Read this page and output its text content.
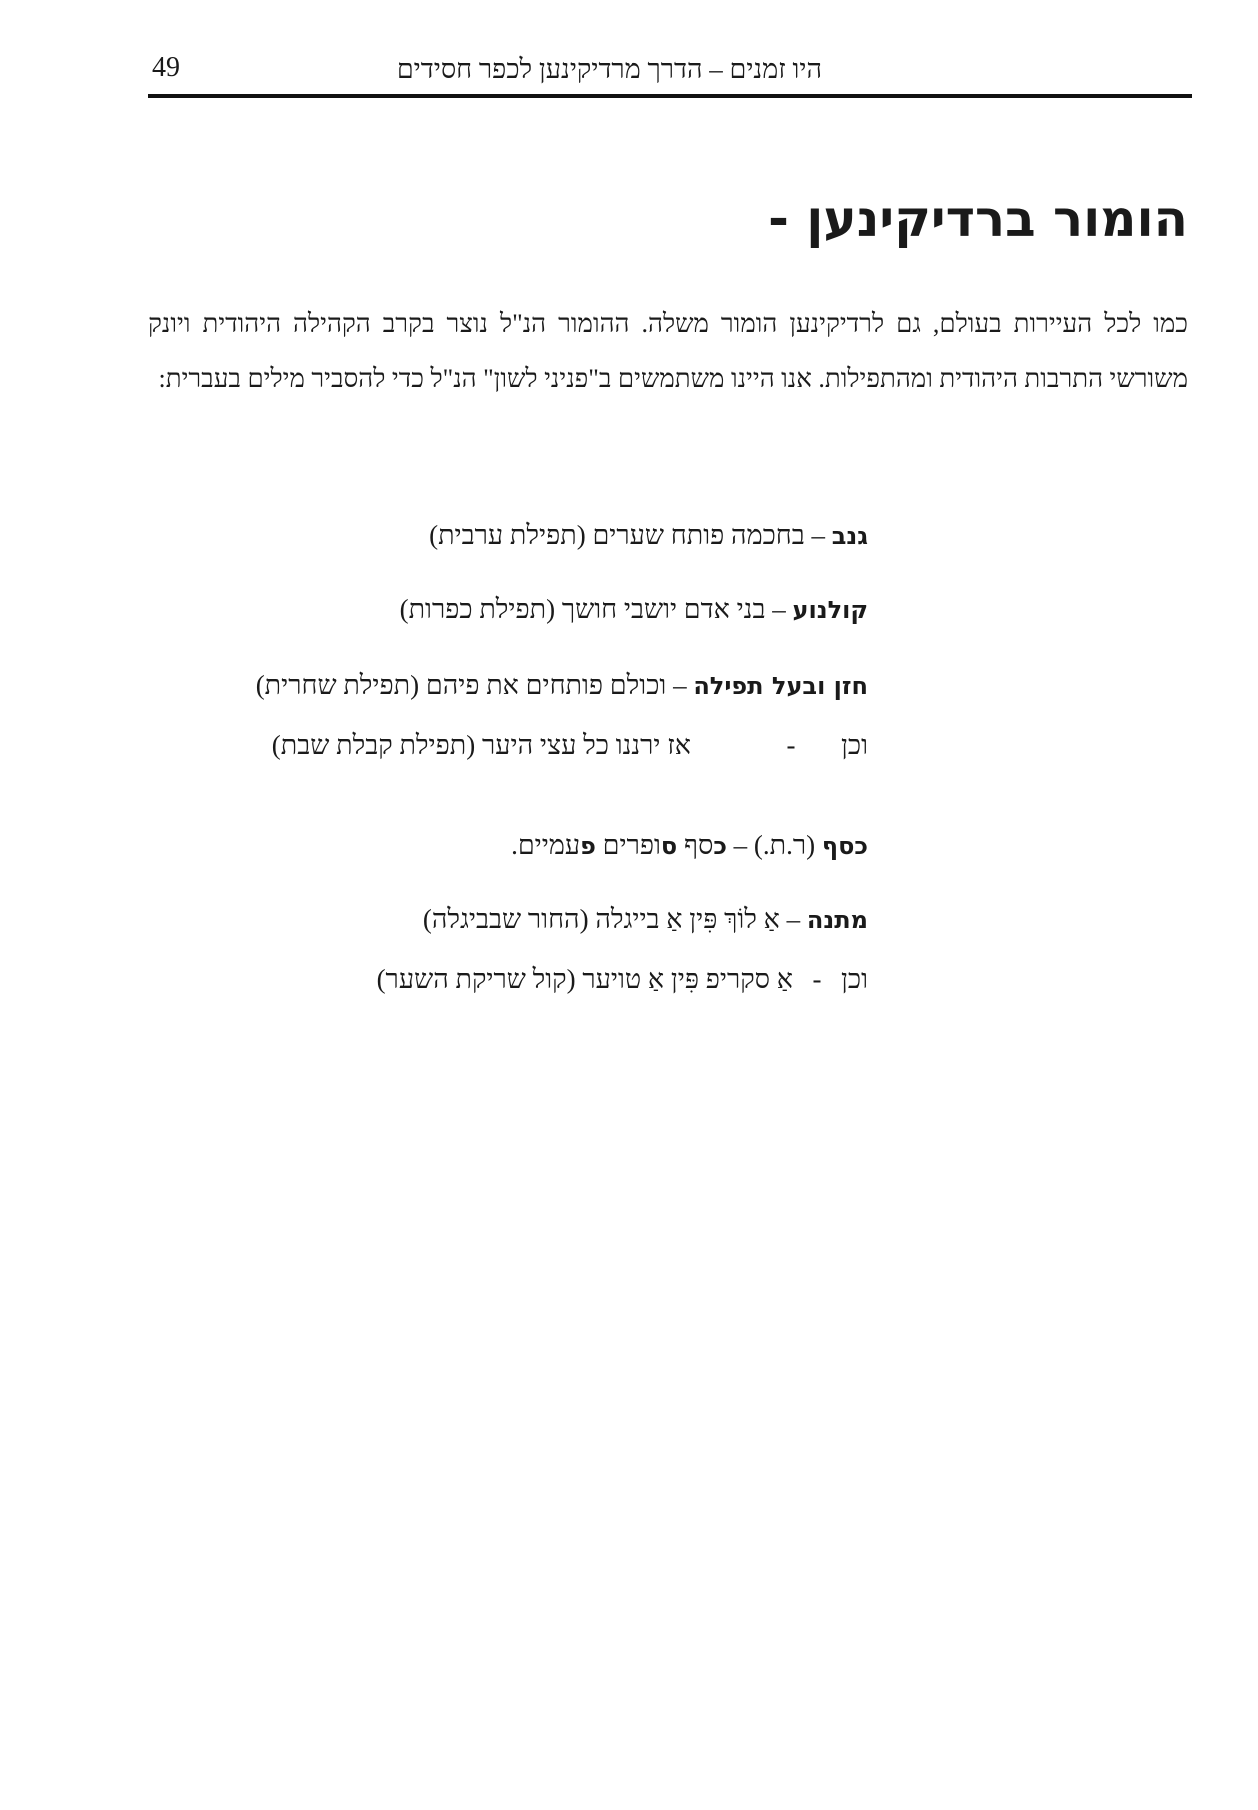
היו זמנים – הדרך מרדיקינען לכפר חסידים
49
הומור ברדיקינען -
כמו לכל העיירות בעולם, גם לרדיקינען הומור משלה. ההומור הנ"ל נוצר בקרב הקהילה היהודית ויונק משורשי התרבות היהודית ומהתפילות. אנו היינו משתמשים ב"פניני לשון" הנ"ל כדי להסביר מילים בעברית:
גנב – בחכמה פותח שערים (תפילת ערבית)
קולנוע – בני אדם יושבי חושך (תפילת כפרות)
חזן ובעל תפילה – וכולם פותחים את פיהם (תפילת שחרית)
וכן-אז ירננו כל עצי היער (תפילת קבלת שבת)
כסף (ר.ת.) – כסף סופרים פעמיים.
מתנה – אַ לוֹךְ פִּין אַ בייגלה (החור שבביגלה)
וכן-אַ סקריפ פִּין אַ טויער (קול שריקת השער)
